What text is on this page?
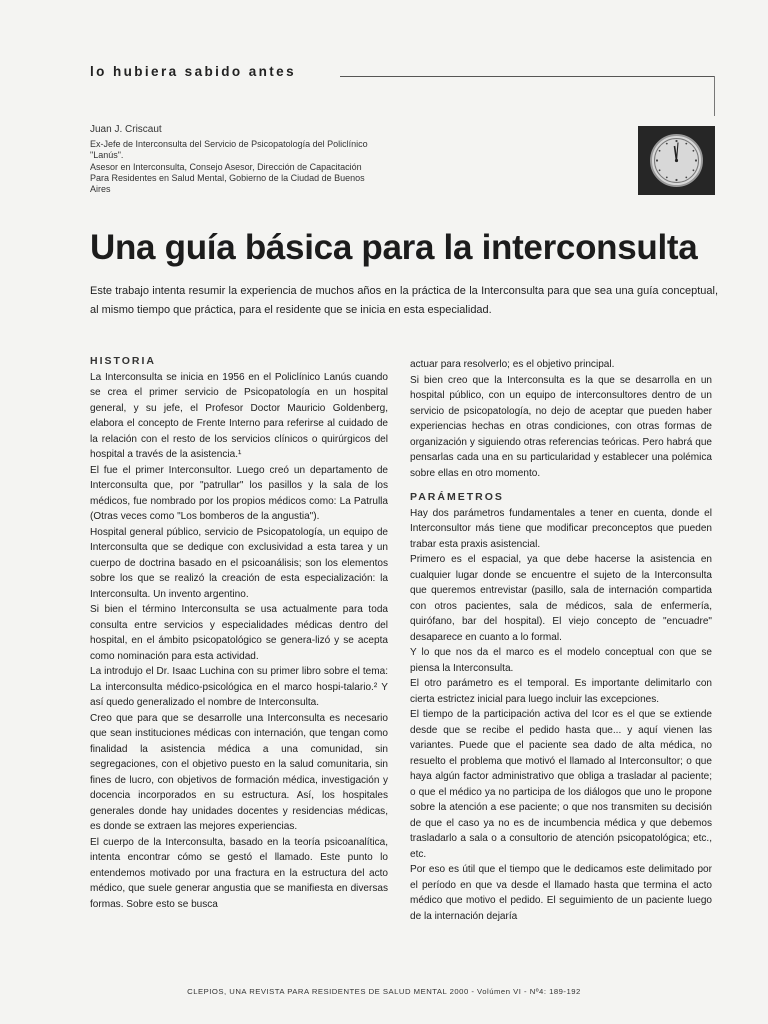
lo hubiera sabido antes
Juan J. Criscaut
Ex-Jefe de Interconsulta del Servicio de Psicopatología del Policlínico
"Lanús".
Asesor en Interconsulta, Consejo Asesor, Dirección de Capacitación
Para Residentes en Salud Mental, Gobierno de la Ciudad de Buenos
Aires
Una guía básica para la interconsulta
Este trabajo intenta resumir la experiencia de muchos años en la práctica de la Interconsulta para que sea una guía conceptual, al mismo tiempo que práctica, para el residente que se inicia en esta especialidad.

HISTORIA

La Interconsulta se inicia en 1956 en el Policlínico Lanús cuando se crea el primer servicio de Psicopatología en un hospital general, y su jefe, el Profesor Doctor Mauricio Goldenberg, elabora el concepto de Frente Interno para referirse al cuidado de la relación con el resto de los servicios clínicos o quirúrgicos del hospital a través de la asistencia.¹

El fue el primer Interconsultor. Luego creó un departamento de Interconsulta que, por "patrullar" los pasillos y la sala de los médicos, fue nombrado por los propios médicos como: La Patrulla (Otras veces como "Los bomberos de la angustia").

Hospital general público, servicio de Psicopatología, un equipo de Interconsulta que se dedique con exclusividad a esta tarea y un cuerpo de doctrina basado en el psicoanálisis; son los elementos sobre los que se realizó la creación de esta especialización: la Interconsulta. Un invento argentino.

Si bien el término Interconsulta se usa actualmente para toda consulta entre servicios y especialidades médicas dentro del hospital, en el ámbito psicopatológico se genera-lizó y se acepta como nominación para esta actividad.

La introdujo el Dr. Isaac Luchina con su primer libro sobre el tema: La interconsulta médico-psicológica en el marco hospi-talario.² Y así quedo generalizado el nombre de Interconsulta.

Creo que para que se desarrolle una Interconsulta es necesario que sean instituciones médicas con internación, que tengan como finalidad la asistencia médica a una comunidad, sin segregaciones, con el objetivo puesto en la salud comunitaria, sin fines de lucro, con objetivos de formación médica, investigación y docencia incorporados en su estructura. Así, los hospitales generales donde hay unidades docentes y residencias médicas, es donde se extraen las mejores experiencias.

El cuerpo de la Interconsulta, basado en la teoría psicoanalítica, intenta encontrar cómo se gestó el llamado. Este punto lo entendemos motivado por una fractura en la estructura del acto médico, que suele generar angustia que se manifiesta en diversas formas. Sobre esto se busca

actuar para resolverlo; es el objetivo principal.

Si bien creo que la Interconsulta es la que se desarrolla en un hospital público, con un equipo de interconsultores dentro de un servicio de psicopatología, no dejo de aceptar que pueden haber experiencias hechas en otras condiciones, con otras formas de organización y siguiendo otras referencias teóricas. Pero habrá que pensarlas cada una en su particularidad y establecer una polémica sobre ellas en otro momento.

PARÁMETROS

Hay dos parámetros fundamentales a tener en cuenta, donde el Interconsultor más tiene que modificar preconceptos que pueden trabar esta praxis asistencial.

Primero es el espacial, ya que debe hacerse la asistencia en cualquier lugar donde se encuentre el sujeto de la Interconsulta que queremos entrevistar (pasillo, sala de internación compartida con otros pacientes, sala de médicos, sala de enfermería, quirófano, bar del hospital). El viejo concepto de "encuadre" desaparece en cuanto a lo formal.

Y lo que nos da el marco es el modelo conceptual con que se piensa la Interconsulta.

El otro parámetro es el temporal. Es importante delimitarlo con cierta estrictez inicial para luego incluir las excepciones.

El tiempo de la participación activa del Icor es el que se extiende desde que se recibe el pedido hasta que... y aquí vienen las variantes. Puede que el paciente sea dado de alta médica, no resuelto el problema que motivó el llamado al Interconsultor; o que haya algún factor administrativo que obliga a trasladar al paciente; o que el médico ya no participa de los diálogos que uno le propone sobre la atención a ese paciente; o que nos transmiten su decisión de que el caso ya no es de incumbencia médica y que debemos trasladarlo a sala o a consultorio de atención psicopatológica; etc., etc.

Por eso es útil que el tiempo que le dedicamos este delimitado por el período en que va desde el llamado hasta que termina el acto médico que motivo el pedido. El seguimiento de un paciente luego de la internación dejaría

CLEPIOS, UNA REVISTA PARA RESIDENTES DE SALUD MENTAL 2000 - Volúmen VI - Nº4: 189-192
